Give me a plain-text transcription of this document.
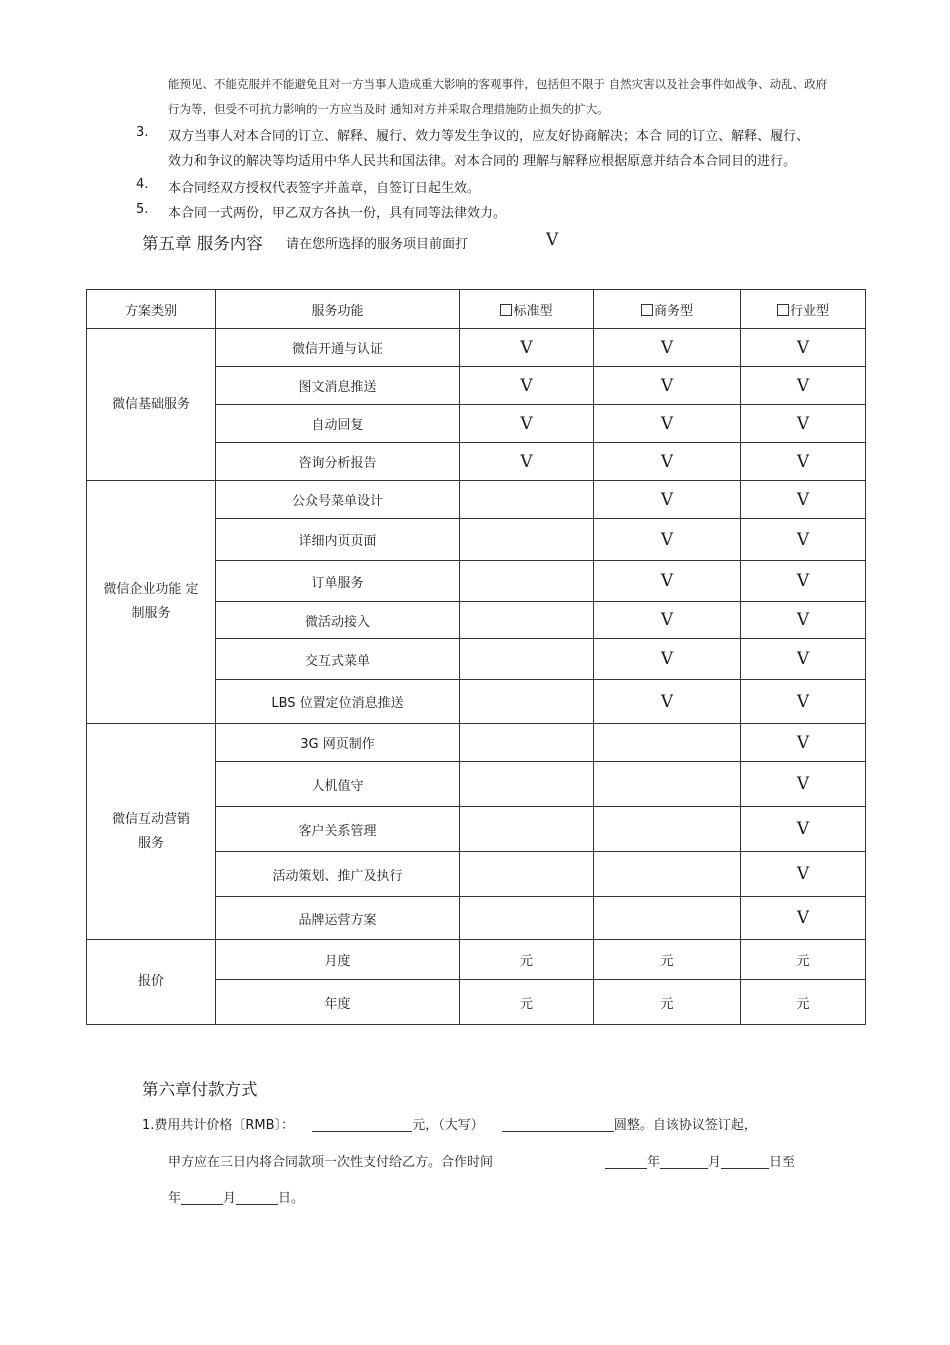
能预见、不能克服并不能避免且对一方当事人造成重大影响的客观事件，包括但不限于 自然灾害以及社会事件如战争、动乱、政府
行为等，但受不可抗力影响的一方应当及时 通知对方并采取合理措施防止损失的扩大。
3. 双方当事人对本合同的订立、解释、履行、效力等发生争议的，应友好协商解决；本合 同的订立、解释、履行、
效力和争议的解决等均适用中华人民共和国法律。对本合同的 理解与解释应根据原意并结合本合同目的进行。
4. 本合同经双方授权代表签字并盖章，自签订日起生效。
5. 本合同一式两份，甲乙双方各执一份，具有同等法律效力。
第五章 服务内容 请在您所选择的服务项目前面打	V
方案类别	服务功能	标准型	商务型	行业型
微信基础服务	微信开通与认证	V	V	V
	图文消息推送	V	V	V
	自动回复	V	V	V
	咨询分析报告	V	V	V

微信企业功能 定
制服务	公众号菜单设计		V	V
	详细内页页面		V	V
	订单服务		V	V
	微活动接入		V	V
	交互式菜单		V	V
	LBS 位置定位消息推送		V	V

微信互动营销
服务	3G 网页制作			V
	人机值守			V
	客户关系管理			V
	活动策划、推广及执行			V
	品牌运营方案			V
报价	月度	元	元	元
	年度	元	元	元
第六章付款方式
1.费用共计价格〔RMB〕：	元，（大写）	圆整。自该协议签订起，
甲方应在三日内将合同款项一次性支付给乙方。合作时间	年	月	日至
年	月	日。
